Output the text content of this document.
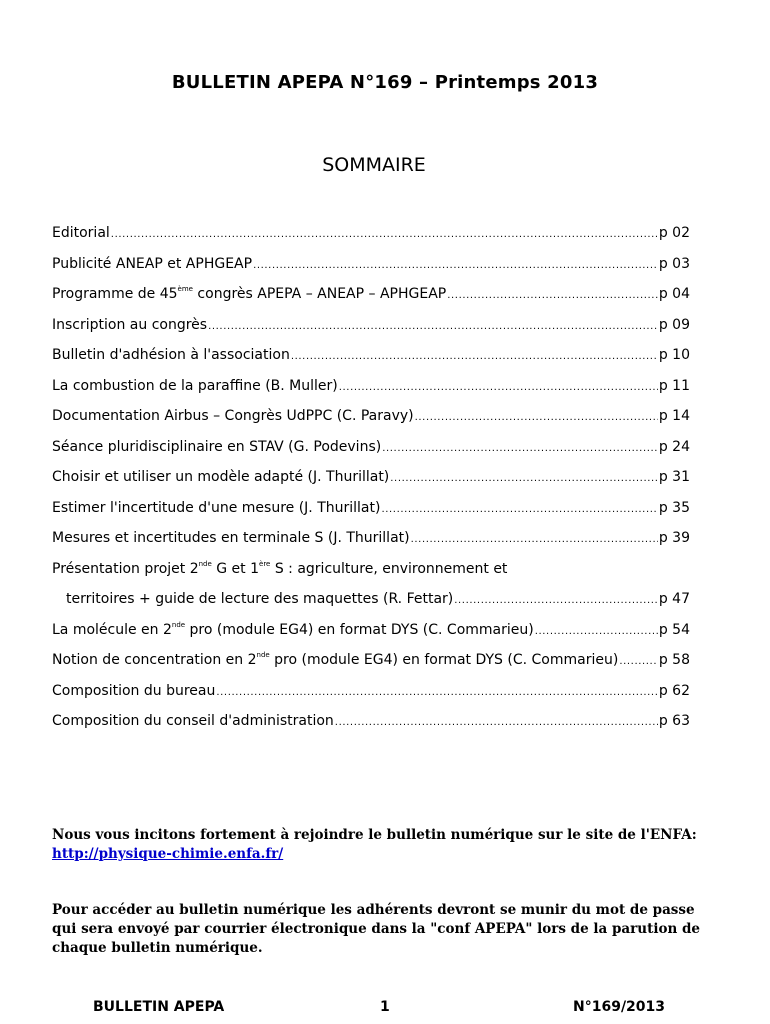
BULLETIN APEPA N°169 – Printemps 2013
SOMMAIRE
Editorial .....	p 02
Publicité ANEAP et APHGEAP .....	p 03
Programme de 45ème congrès APEPA – ANEAP – APHGEAP .....	p 04
Inscription au congrès .....	p 09
Bulletin d'adhésion à l'association .....	p 10
La combustion de la paraffine (B. Muller) .....	p 11
Documentation Airbus – Congrès UdPPC (C. Paravy) .....	p 14
Séance pluridisciplinaire en STAV (G. Podevins) .....	p 24
Choisir et utiliser un modèle adapté (J. Thurillat) .....	p 31
Estimer l'incertitude d'une mesure (J. Thurillat) .....	p 35
Mesures et incertitudes en terminale S (J. Thurillat) .....	p 39
Présentation projet 2nde G et 1ère S : agriculture, environnement et
territoires + guide de lecture des maquettes (R. Fettar) .....	p 47
La molécule en 2nde pro (module EG4) en format DYS (C. Commarieu) .....	p 54
Notion de concentration en 2nde pro (module EG4) en format DYS (C. Commarieu) .....	p 58
Composition du bureau .....	p 62
Composition du conseil d'administration .....	p 63
Nous vous incitons fortement à rejoindre le bulletin numérique sur le site de l'ENFA:
http://physique-chimie.enfa.fr/
Pour accéder au bulletin numérique les adhérents devront se munir du mot de passe qui sera envoyé par courrier électronique dans la "conf APEPA" lors de la parution de chaque bulletin numérique.
BULLETIN APEPA	1	N°169/2013
